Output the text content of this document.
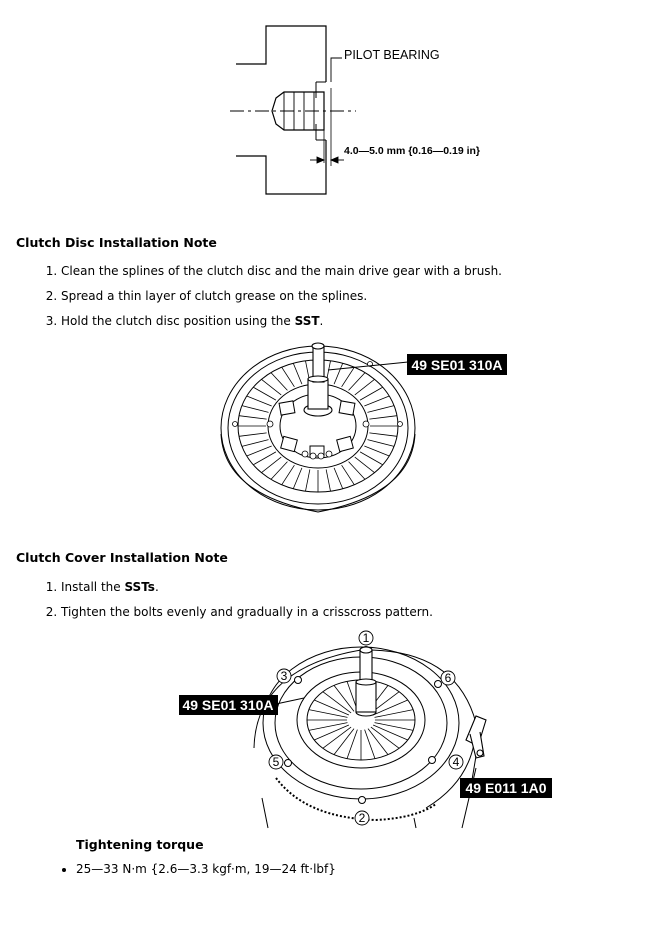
PILOT BEARING
4.0—5.0 mm {0.16—0.19 in}
Clutch Disc Installation Note
1. Clean the splines of the clutch disc and the main drive gear with a brush.
2. Spread a thin layer of clutch grease on the splines.
3. Hold the clutch disc position using the SST.
49 SE01 310A
Clutch Cover Installation Note
1. Install the SSTs.
2. Tighten the bolts evenly and gradually in a crisscross pattern.
49 SE01 310A
49 E011 1A0
1
2
3
4
5
6
Tightening torque
• 25—33 N·m {2.6—3.3 kgf·m, 19—24 ft·lbf}
